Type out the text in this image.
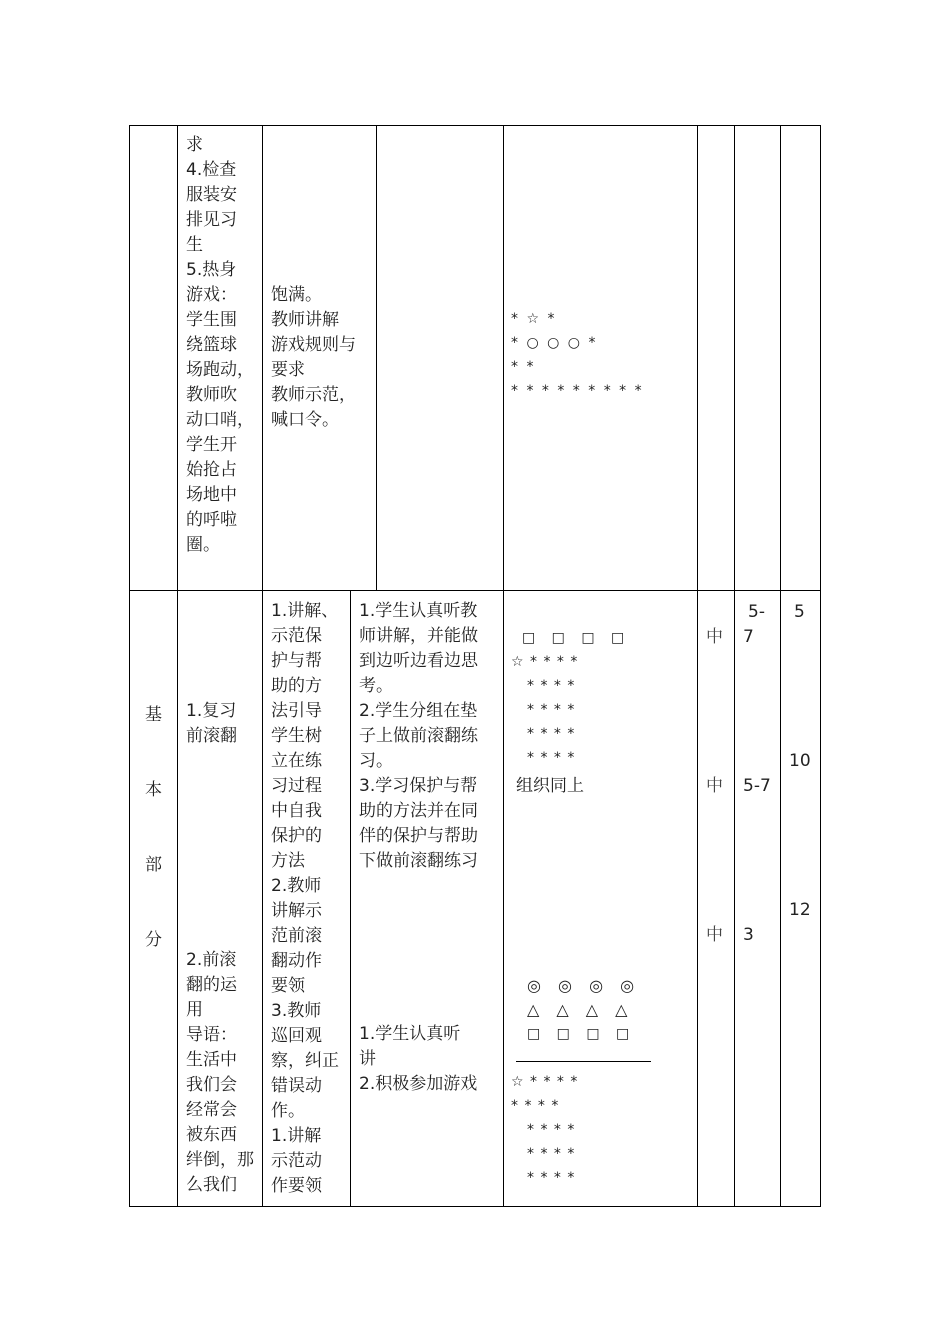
求
4.检查
服装安
排见习
生
5.热身
游戏：
学生围
绕篮球
场跑动，
教师吹
动口哨，
学生开
始抢占
场地中
的呼啦
圈。
饱满。
教师讲解
游戏规则与
要求
教师示范，
喊口令。
* ☆ *
* ○ ○ ○ *
* *
* * * * * * * * *
基
本
部
分
1.复习
前滚翻
2.前滚
翻的运
用
导语：
生活中
我们会
经常会
被东西
绊倒，那
么我们
1.讲解、
示范保
护与帮
助的方
法引导
学生树
立在练
习过程
中自我
保护的
方法
2.教师
讲解示
范前滚
翻动作
要领
3.教师
巡回观
察，纠正
错误动
作。
1.讲解
示范动
作要领
1.学生认真听教
师讲解，并能做
到边听边看边思
考。
2.学生分组在垫
子上做前滚翻练
习。
3.学习保护与帮
助的方法并在同
伴的保护与帮助
下做前滚翻练习
1.学生认真听
讲
2.积极参加游戏
□ □ □ □
☆ * * * *
* * * *
* * * *
* * * *
* * * *
组织同上
◎ ◎ ◎ ◎
△ △ △ △
□ □ □ □
☆ * * * *
* * * *
* * * *
* * * *
* * * *
中
中
中
5-
7
5-7
3
5
10
12
